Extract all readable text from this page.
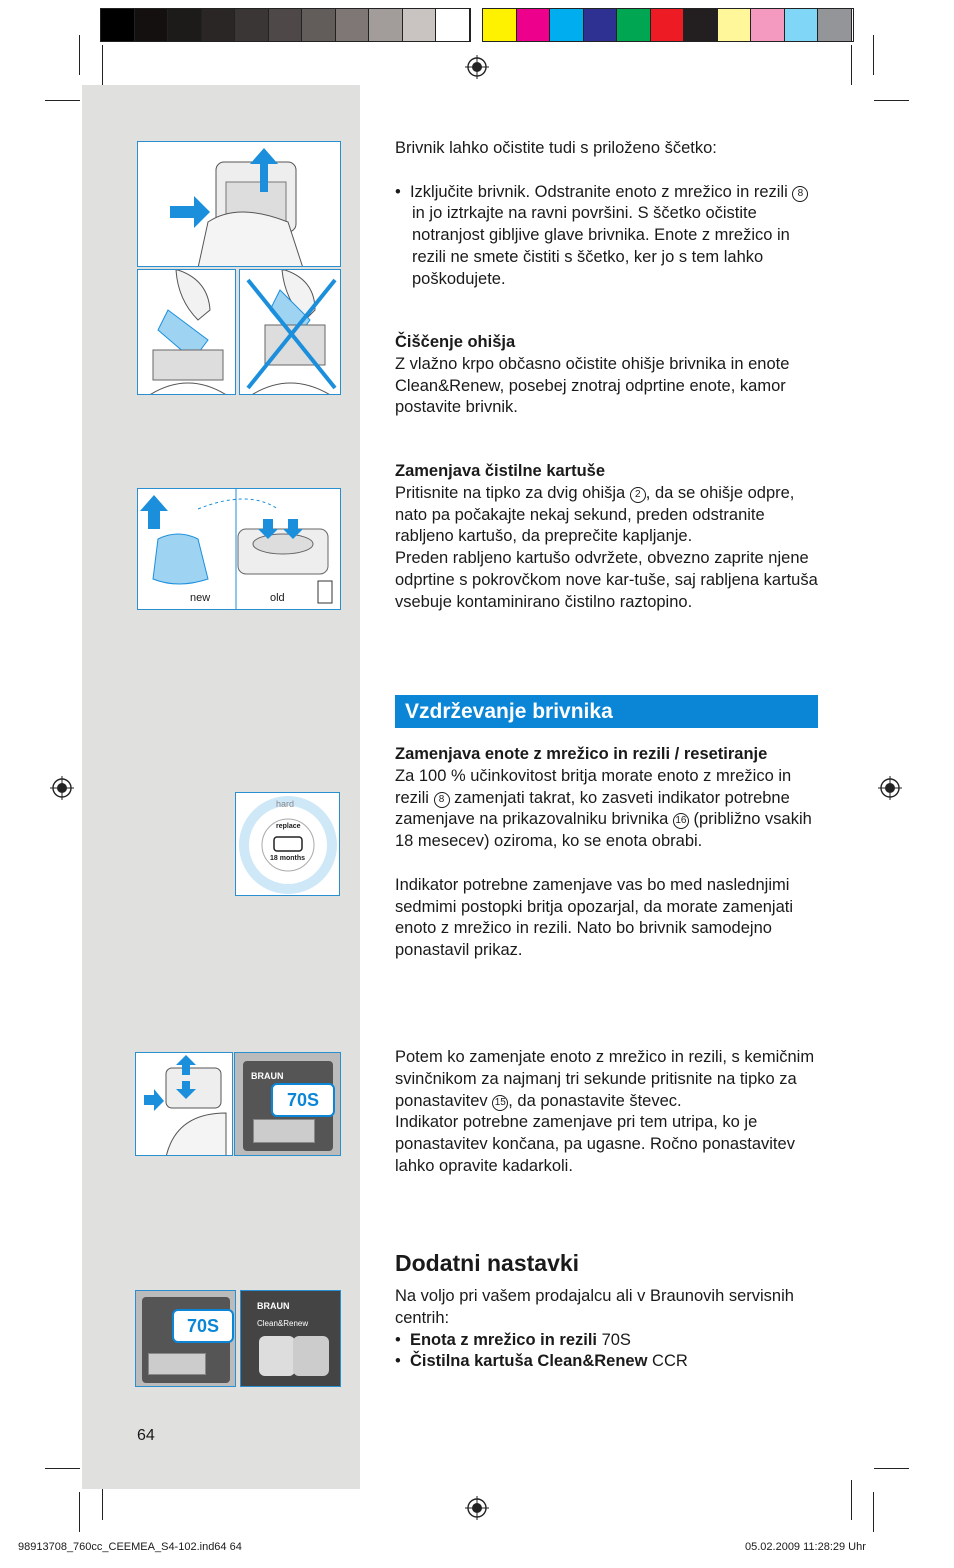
new	old
hard
replace
18 months
BRAUN
70S
70S
BRAUN
Clean&Renew
64

Brivnik lahko očistite tudi s priloženo ščetko:

•  Izključite brivnik. Odstranite enoto z mrežico in rezili 8 in jo iztrkajte na ravni površini. S ščetko očistite notranjost gibljive glave brivnika. Enote z mrežico in rezili ne smete čistiti s ščetko, ker jo s tem lahko poškodujete.

Čiščenje ohišja

Z vlažno krpo občasno očistite ohišje brivnika in enote Clean&Renew, posebej znotraj odprtine enote, kamor postavite brivnik.

Zamenjava čistilne kartuše

Pritisnite na tipko za dvig ohišja 2 , da se ohišje odpre, nato pa počakajte nekaj sekund, preden odstranite rabljeno kartušo, da preprečite kapljanje.

Preden rabljeno kartušo odvržete, obvezno zaprite njene odprtine s pokrovčkom nove kar-tuše, saj rabljena kartuša vsebuje kontaminirano čistilno raztopino.

Vzdrževanje brivnika

Zamenjava enote z mrežico in rezili / resetiranje

Za 100 % učinkovitost britja morate enoto z mrežico in rezili 8 zamenjati takrat, ko zasveti indikator potrebne zamenjave na prikazovalniku brivnika 16 (približno vsakih 18 mesecev) oziroma, ko se enota obrabi.

Indikator potrebne zamenjave vas bo med naslednjimi sedmimi postopki britja opozarjal, da morate zamenjati enoto z mrežico in rezili. Nato bo brivnik samodejno ponastavil prikaz.

Potem ko zamenjate enoto z mrežico in rezili, s kemičnim svinčnikom za najmanj tri sekunde pritisnite na tipko za ponastavitev 15 , da ponastavite števec.

Indikator potrebne zamenjave pri tem utripa, ko je ponastavitev končana, pa ugasne. Ročno ponastavitev lahko opravite kadarkoli.

Dodatni nastavki

Na voljo pri vašem prodajalcu ali v Braunovih servisnih centrih:

•  Enota z mrežico in rezili 70S

•  Čistilna kartuša Clean&Renew CCR

98913708_760cc_CEEMEA_S4-102.ind64 64	05.02.2009 11:28:29 Uhr
